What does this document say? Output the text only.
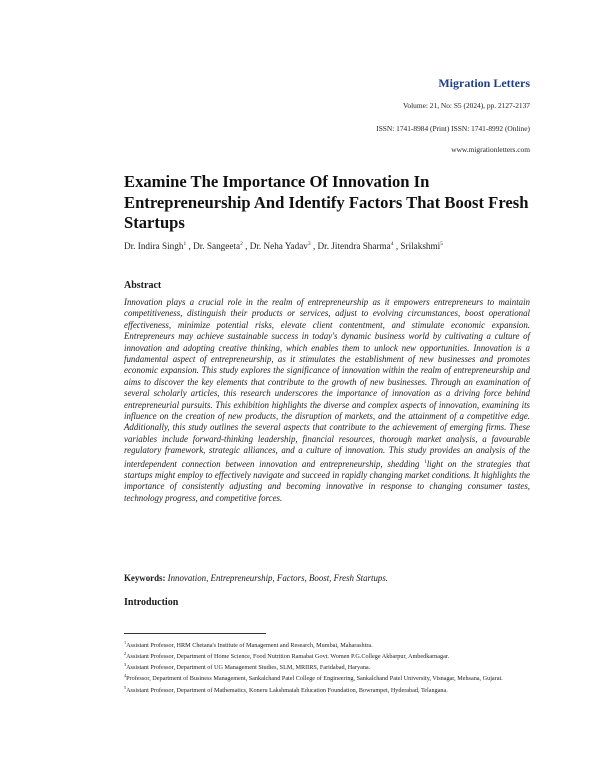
Migration Letters
Volume: 21, No: S5 (2024), pp. 2127-2137
ISSN: 1741-8984 (Print) ISSN: 1741-8992 (Online)
www.migrationletters.com
Examine The Importance Of Innovation In Entrepreneurship And Identify Factors That Boost Fresh Startups
Dr. Indira Singh$^1$ , Dr. Sangeeta$^2$ , Dr. Neha Yadav$^3$ , Dr. Jitendra Sharma$^4$ , Srilakshmi$^5$
Abstract
Innovation plays a crucial role in the realm of entrepreneurship as it empowers entrepreneurs to maintain competitiveness, distinguish their products or services, adjust to evolving circumstances, boost operational effectiveness, minimize potential risks, elevate client contentment, and stimulate economic expansion. Entrepreneurs may achieve sustainable success in today's dynamic business world by cultivating a culture of innovation and adopting creative thinking, which enables them to unlock new opportunities. Innovation is a fundamental aspect of entrepreneurship, as it stimulates the establishment of new businesses and promotes economic expansion. This study explores the significance of innovation within the realm of entrepreneurship and aims to discover the key elements that contribute to the growth of new businesses. Through an examination of several scholarly articles, this research underscores the importance of innovation as a driving force behind entrepreneurial pursuits. This exhibition highlights the diverse and complex aspects of innovation, examining its influence on the creation of new products, the disruption of markets, and the attainment of a competitive edge. Additionally, this study outlines the several aspects that contribute to the achievement of emerging firms. These variables include forward-thinking leadership, financial resources, thorough market analysis, a favourable regulatory framework, strategic alliances, and a culture of innovation. This study provides an analysis of the interdependent connection between innovation and entrepreneurship, shedding $^1$light on the strategies that startups might employ to effectively navigate and succeed in rapidly changing market conditions. It highlights the importance of consistently adjusting and becoming innovative in response to changing consumer tastes, technology progress, and competitive forces.
Keywords: Innovation, Entrepreneurship, Factors, Boost, Fresh Startups.
Introduction

$^1$Assistant Professor, HRM Chetana's Institute of Management and Research, Mumbai, Maharashtra.

$^2$Assistant Professor, Department of Home Science, Food Nutrition Ramabai Govt. Women P.G.College Akbarpur, Ambedkarnagar.

$^3$Assistant Professor, Department of UG Management Studies, SLM, MRIIRS, Faridabad, Haryana.

$^4$Professor, Department of Business Management, Sankalchand Patel College of Engineering, Sankalchand Patel University, Visnagar, Mehsana, Gujarat.

$^5$Assistant Professor, Department of Mathematics, Koneru Lakshmaiah Education Foundation, Bowrampet, Hyderabad, Telangana.
